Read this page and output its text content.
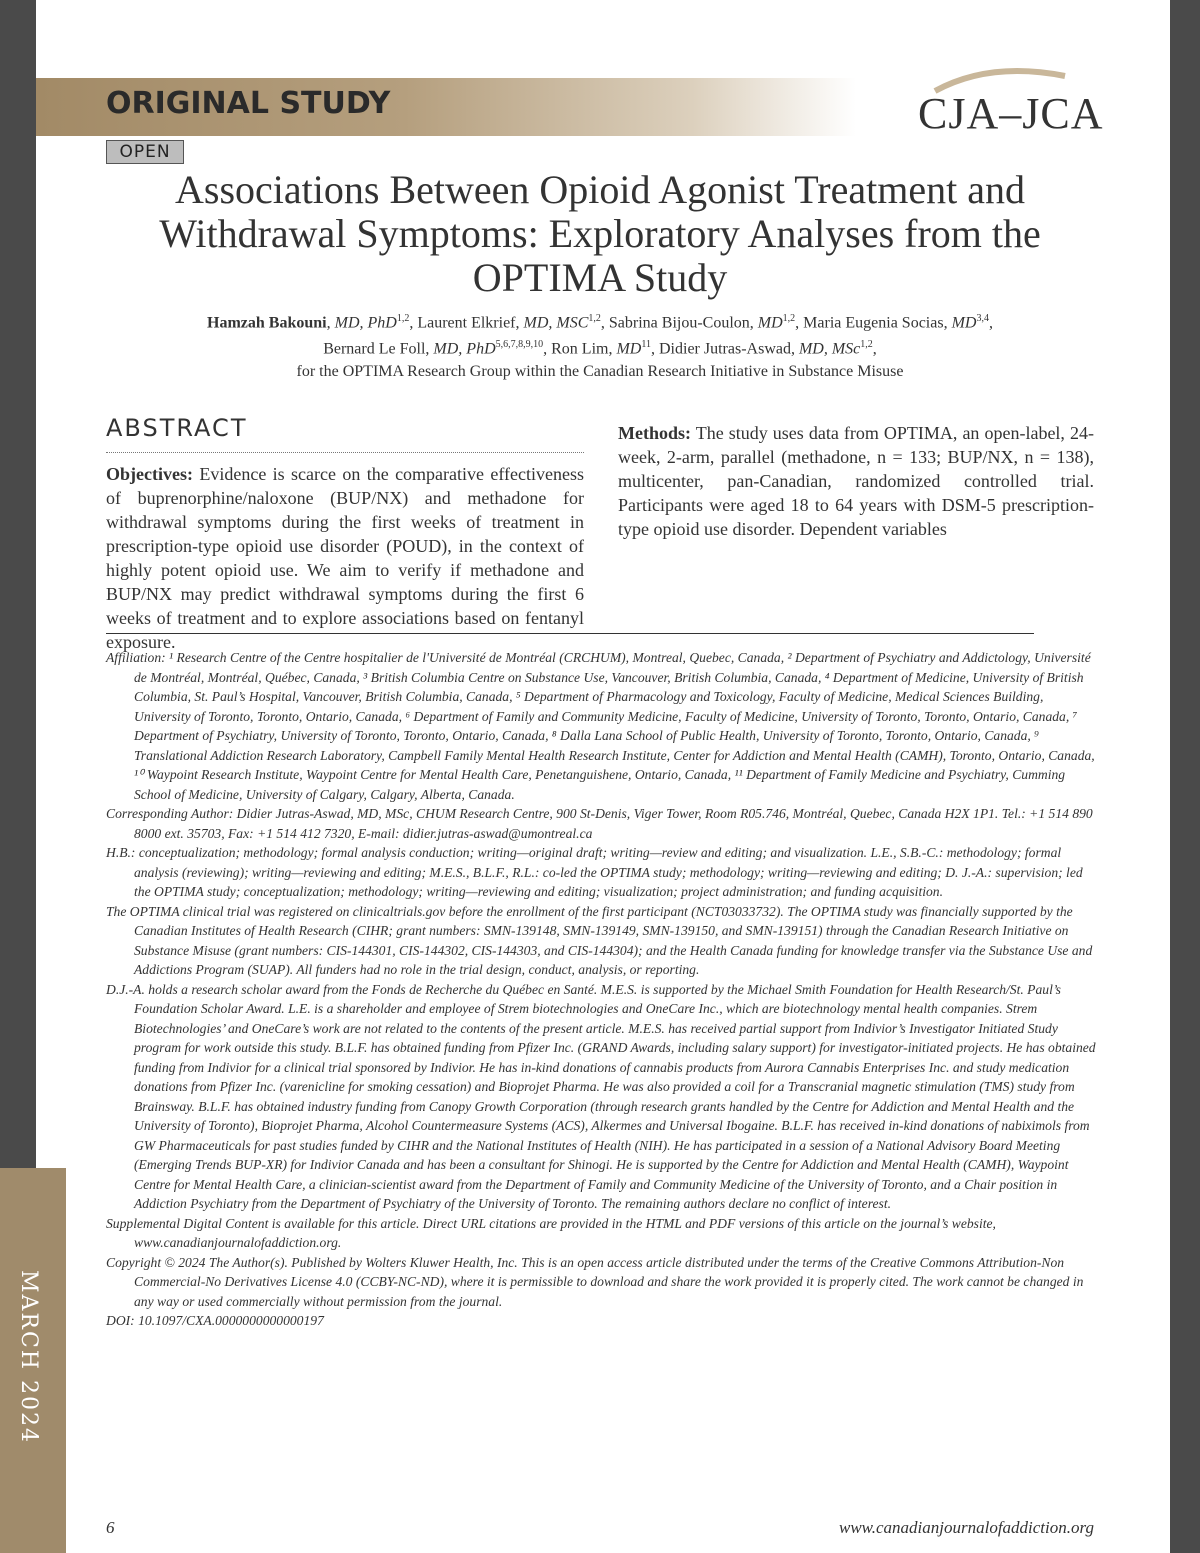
MARCH 2024
ORIGINAL STUDY	CJA–JCA
OPEN
Associations Between Opioid Agonist Treatment and Withdrawal Symptoms: Exploratory Analyses from the OPTIMA Study
Hamzah Bakouni, MD, PhD$^{1,2}$, Laurent Elkrief, MD, MSC$^{1,2}$, Sabrina Bijou-Coulon, MD$^{1,2}$, Maria Eugenia Socias, MD$^{3,4}$,
Bernard Le Foll, MD, PhD$^{5,6,7,8,9,10}$, Ron Lim, MD$^{11}$, Didier Jutras-Aswad, MD, MSc$^{1,2}$,
for the OPTIMA Research Group within the Canadian Research Initiative in Substance Misuse
ABSTRACT

Objectives: Evidence is scarce on the comparative effectiveness of buprenorphine/naloxone (BUP/NX) and methadone for withdrawal symptoms during the first weeks of treatment in prescription-type opioid use disorder (POUD), in the context of highly potent opioid use. We aim to verify if methadone and BUP/NX may predict withdrawal symptoms during the first 6 weeks of treatment and to explore associations based on fentanyl exposure.

Methods: The study uses data from OPTIMA, an open-label, 24-week, 2-arm, parallel (methadone, n = 133; BUP/NX, n = 138), multicenter, pan-Canadian, randomized controlled trial. Participants were aged 18 to 64 years with DSM-5 prescription-type opioid use disorder. Dependent variables

Affiliation: ¹ Research Centre of the Centre hospitalier de l'Université de Montréal (CRCHUM), Montreal, Quebec, Canada, ² Department of Psychiatry and Addictology, Université de Montréal, Montréal, Québec, Canada, ³ British Columbia Centre on Substance Use, Vancouver, British Columbia, Canada, ⁴ Department of Medicine, University of British Columbia, St. Paul’s Hospital, Vancouver, British Columbia, Canada, ⁵ Department of Pharmacology and Toxicology, Faculty of Medicine, Medical Sciences Building, University of Toronto, Toronto, Ontario, Canada, ⁶ Department of Family and Community Medicine, Faculty of Medicine, University of Toronto, Toronto, Ontario, Canada, ⁷ Department of Psychiatry, University of Toronto, Toronto, Ontario, Canada, ⁸ Dalla Lana School of Public Health, University of Toronto, Toronto, Ontario, Canada, ⁹ Translational Addiction Research Laboratory, Campbell Family Mental Health Research Institute, Center for Addiction and Mental Health (CAMH), Toronto, Ontario, Canada, ¹⁰ Waypoint Research Institute, Waypoint Centre for Mental Health Care, Penetanguishene, Ontario, Canada, ¹¹ Department of Family Medicine and Psychiatry, Cumming School of Medicine, University of Calgary, Calgary, Alberta, Canada.

Corresponding Author: Didier Jutras-Aswad, MD, MSc, CHUM Research Centre, 900 St-Denis, Viger Tower, Room R05.746, Montréal, Quebec, Canada H2X 1P1. Tel.: +1 514 890 8000 ext. 35703, Fax: +1 514 412 7320, E-mail: didier.jutras-aswad@umontreal.ca

H.B.: conceptualization; methodology; formal analysis conduction; writing—original draft; writing—review and editing; and visualization. L.E., S.B.-C.: methodology; formal analysis (reviewing); writing—reviewing and editing; M.E.S., B.L.F., R.L.: co-led the OPTIMA study; methodology; writing—reviewing and editing; D. J.-A.: supervision; led the OPTIMA study; conceptualization; methodology; writing—reviewing and editing; visualization; project administration; and funding acquisition.

The OPTIMA clinical trial was registered on clinicaltrials.gov before the enrollment of the first participant (NCT03033732). The OPTIMA study was financially supported by the Canadian Institutes of Health Research (CIHR; grant numbers: SMN-139148, SMN-139149, SMN-139150, and SMN-139151) through the Canadian Research Initiative on Substance Misuse (grant numbers: CIS-144301, CIS-144302, CIS-144303, and CIS-144304); and the Health Canada funding for knowledge transfer via the Substance Use and Addictions Program (SUAP). All funders had no role in the trial design, conduct, analysis, or reporting.

D.J.-A. holds a research scholar award from the Fonds de Recherche du Québec en Santé. M.E.S. is supported by the Michael Smith Foundation for Health Research/St. Paul’s Foundation Scholar Award. L.E. is a shareholder and employee of Strem biotechnologies and OneCare Inc., which are biotechnology mental health companies. Strem Biotechnologies’ and OneCare’s work are not related to the contents of the present article. M.E.S. has received partial support from Indivior’s Investigator Initiated Study program for work outside this study. B.L.F. has obtained funding from Pfizer Inc. (GRAND Awards, including salary support) for investigator-initiated projects. He has obtained funding from Indivior for a clinical trial sponsored by Indivior. He has in-kind donations of cannabis products from Aurora Cannabis Enterprises Inc. and study medication donations from Pfizer Inc. (varenicline for smoking cessation) and Bioprojet Pharma. He was also provided a coil for a Transcranial magnetic stimulation (TMS) study from Brainsway. B.L.F. has obtained industry funding from Canopy Growth Corporation (through research grants handled by the Centre for Addiction and Mental Health and the University of Toronto), Bioprojet Pharma, Alcohol Countermeasure Systems (ACS), Alkermes and Universal Ibogaine. B.L.F. has received in-kind donations of nabiximols from GW Pharmaceuticals for past studies funded by CIHR and the National Institutes of Health (NIH). He has participated in a session of a National Advisory Board Meeting (Emerging Trends BUP-XR) for Indivior Canada and has been a consultant for Shinogi. He is supported by the Centre for Addiction and Mental Health (CAMH), Waypoint Centre for Mental Health Care, a clinician-scientist award from the Department of Family and Community Medicine of the University of Toronto, and a Chair position in Addiction Psychiatry from the Department of Psychiatry of the University of Toronto. The remaining authors declare no conflict of interest.

Supplemental Digital Content is available for this article. Direct URL citations are provided in the HTML and PDF versions of this article on the journal’s website, www.canadianjournalofaddiction.org.

Copyright © 2024 The Author(s). Published by Wolters Kluwer Health, Inc. This is an open access article distributed under the terms of the Creative Commons Attribution-Non Commercial-No Derivatives License 4.0 (CCBY-NC-ND), where it is permissible to download and share the work provided it is properly cited. The work cannot be changed in any way or used commercially without permission from the journal.

DOI: 10.1097/CXA.0000000000000197

6	www.canadianjournalofaddiction.org
